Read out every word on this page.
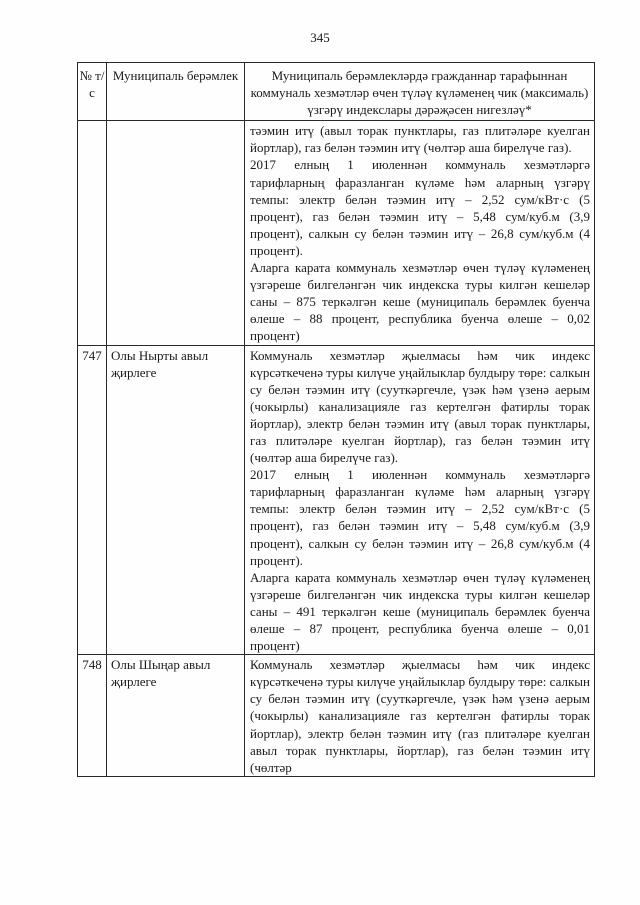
345
№ т/с	Муниципаль берәмлек	Муниципаль берәмлекләрдә гражданнар тарафыннан коммуналь хезмәтләр өчен түләү күләменең чик (максималь) үзгәрү индекслары дәрәҗәсен нигезләү*

		тәэмин итү (авыл торак пунктлары, газ плитәләре куелган йортлар), газ белән тәэмин итү (чөлтәр аша бирелүче газ).

2017 елның 1 июленнән коммуналь хезмәтләргә тарифларның фаразланган күләме һәм аларның үзгәрү темпы: электр белән тәэмин итү – 2,52 сум/кВт·с (5 процент), газ белән тәэмин итү – 5,48 сум/куб.м (3,9 процент), салкын су белән тәэмин итү – 26,8 сум/куб.м (4 процент).

Аларга карата коммуналь хезмәтләр өчен түләү күләменең үзгәреше билгеләнгән чик индекска туры килгән кешеләр саны – 875 теркәлгән кеше (муниципаль берәмлек буенча өлеше – 88 процент, республика буенча өлеше – 0,02 процент)

747	Олы Нырты авыл җирлеге	Коммуналь хезмәтләр җыелмасы һәм чик индекс күрсәткеченә туры килүче уңайлыклар булдыру төре: салкын су белән тәэмин итү (сууткәргечле, үзәк һәм үзенә аерым (чокырлы) канализацияле газ кертелгән фатирлы торак йортлар), электр белән тәэмин итү (авыл торак пунктлары, газ плитәләре куелган йортлар), газ белән тәэмин итү (чөлтәр аша бирелүче газ).

2017 елның 1 июленнән коммуналь хезмәтләргә тарифларның фаразланган күләме һәм аларның үзгәрү темпы: электр белән тәэмин итү – 2,52 сум/кВт·с (5 процент), газ белән тәэмин итү – 5,48 сум/куб.м (3,9 процент), салкын су белән тәэмин итү – 26,8 сум/куб.м (4 процент).

Аларга карата коммуналь хезмәтләр өчен түләү күләменең үзгәреше билгеләнгән чик индекска туры килгән кешеләр саны – 491 теркәлгән кеше (муниципаль берәмлек буенча өлеше – 87 процент, республика буенча өлеше – 0,01 процент)

748	Олы Шыңар авыл җирлеге	Коммуналь хезмәтләр җыелмасы һәм чик индекс күрсәткеченә туры килүче уңайлыклар булдыру төре: салкын су белән тәэмин итү (сууткәргечле, үзәк һәм үзенә аерым (чокырлы) канализацияле газ кертелгән фатирлы торак йортлар), электр белән тәэмин итү (газ плитәләре куелган авыл торак пунктлары, йортлар), газ белән тәэмин итү (чөлтәр
